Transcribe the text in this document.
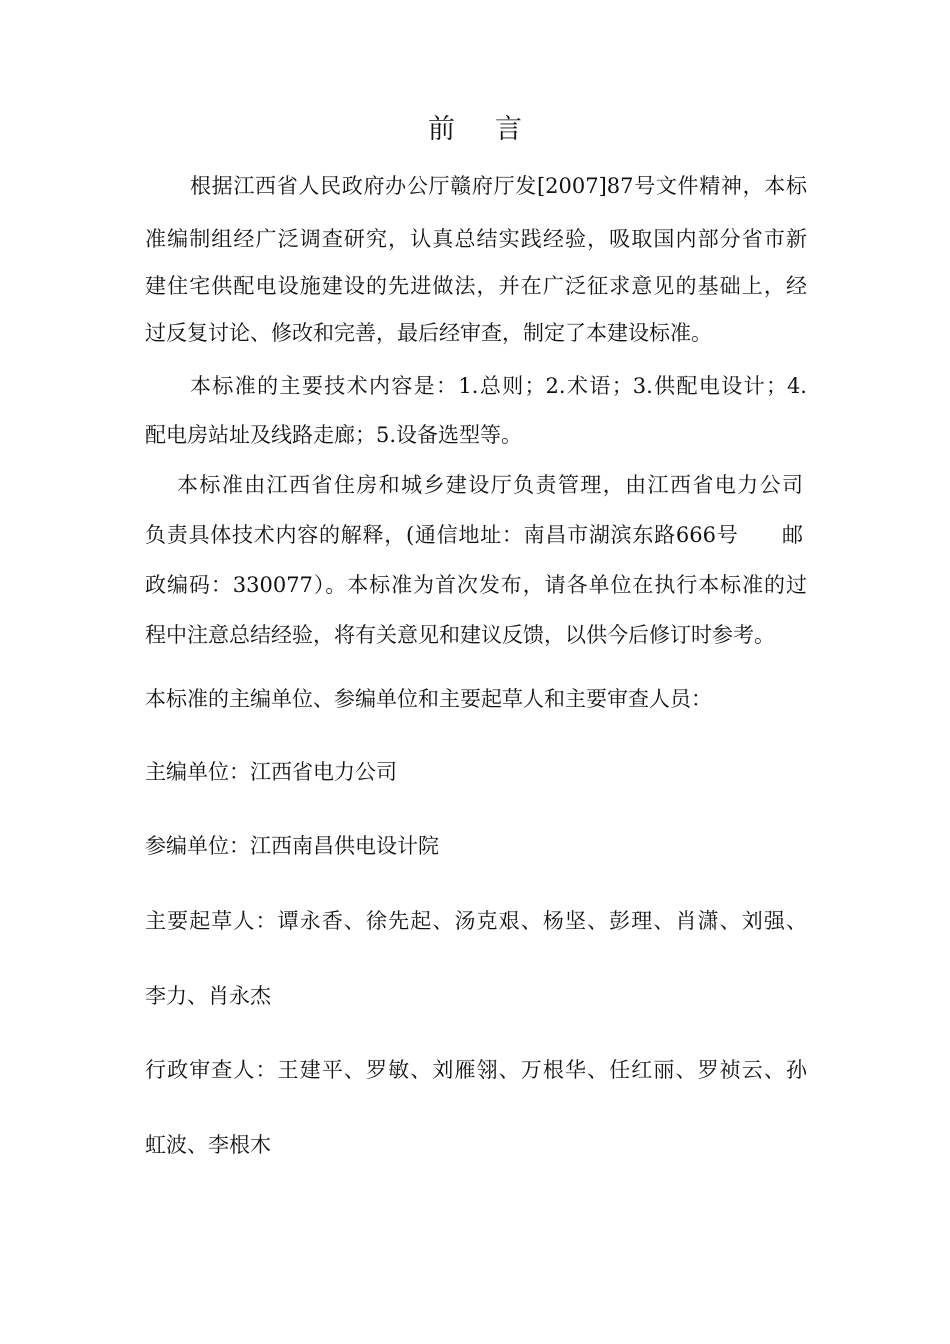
前 言
根据江西省人民政府办公厅赣府厅发[2007]87号文件精神，本标
准编制组经广泛调查研究，认真总结实践经验，吸取国内部分省市新
建住宅供配电设施建设的先进做法，并在广泛征求意见的基础上，经
过反复讨论、修改和完善，最后经审查，制定了本建设标准。
本标准的主要技术内容是：1.总则；2.术语；3.供配电设计；4.
配电房站址及线路走廊；5.设备选型等。
本标准由江西省住房和城乡建设厅负责管理，由江西省电力公司
负责具体技术内容的解释，(通信地址：南昌市湖滨东路666号　　邮
政编码：330077）。本标准为首次发布，请各单位在执行本标准的过
程中注意总结经验，将有关意见和建议反馈，以供今后修订时参考。
本标准的主编单位、参编单位和主要起草人和主要审查人员：
主编单位：江西省电力公司
参编单位：江西南昌供电设计院
主要起草人：谭永香、徐先起、汤克艰、杨坚、彭理、肖潇、刘强、
李力、肖永杰
行政审查人：王建平、罗敏、刘雁翎、万根华、任红丽、罗祯云、孙
虹波、李根木
